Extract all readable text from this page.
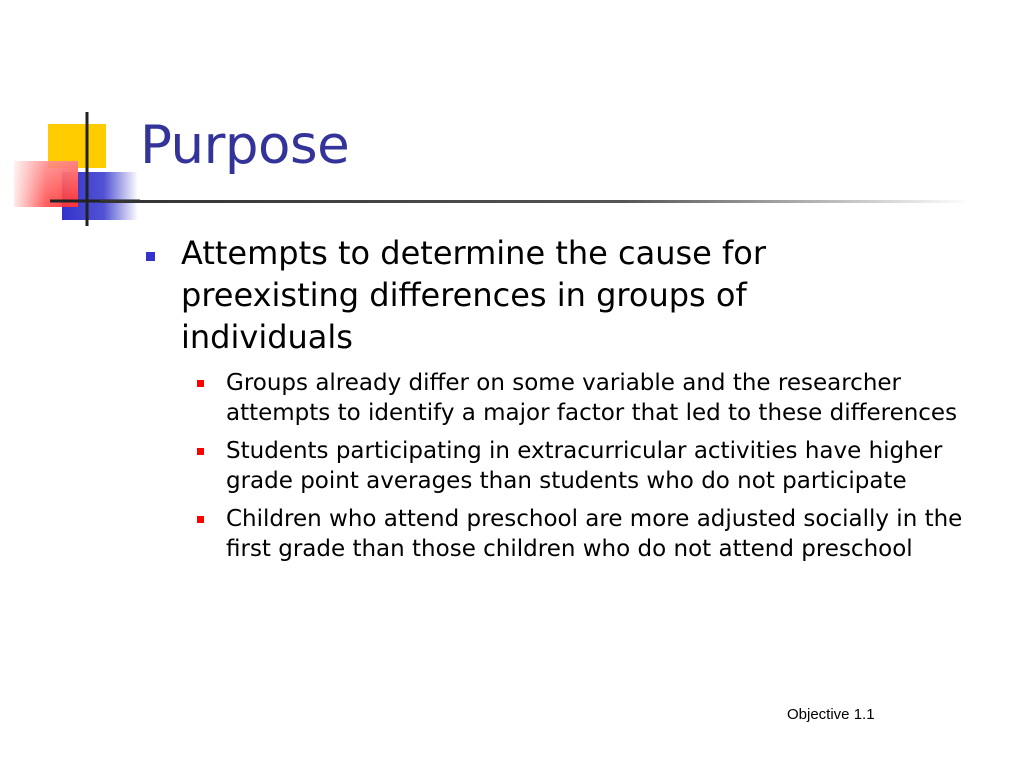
Purpose
Attempts to determine the cause for preexisting differences in groups of individuals
Groups already differ on some variable and the researcher attempts to identify a major factor that led to these differences
Students participating in extracurricular activities have higher grade point averages than students who do not participate
Children who attend preschool are more adjusted socially in the first grade than those children who do not attend preschool
Objective 1.1
